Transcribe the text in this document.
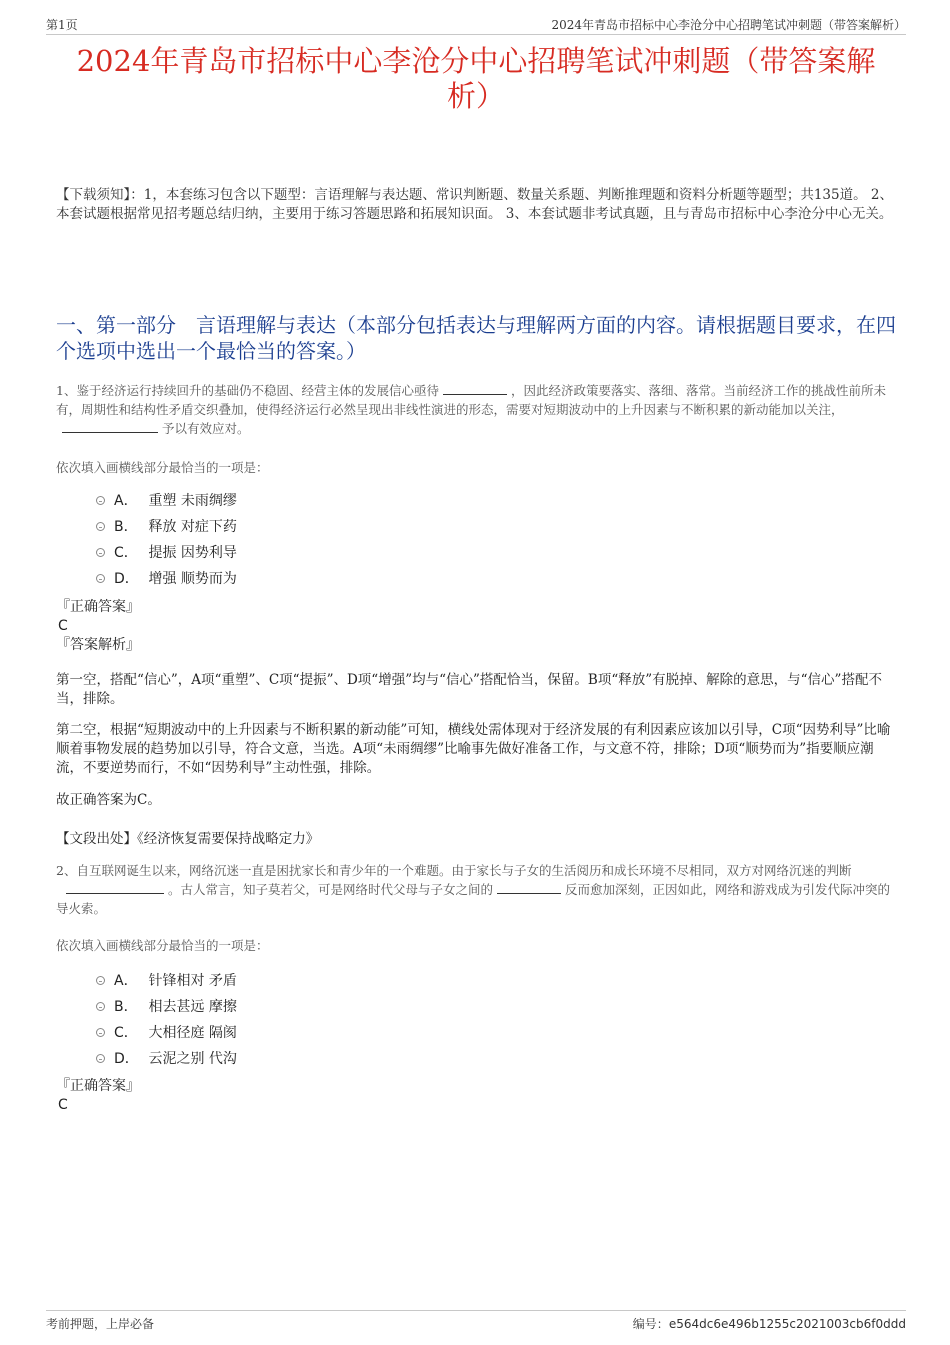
第1页	2024年青岛市招标中心李沧分中心招聘笔试冲刺题（带答案解析）
2024年青岛市招标中心李沧分中心招聘笔试冲刺题（带答案解析）
【下载须知】：1，本套练习包含以下题型：言语理解与表达题、常识判断题、数量关系题、判断推理题和资料分析题等题型；共135道。 2、本套试题根据常见招考题总结归纳，主要用于练习答题思路和拓展知识面。 3、本套试题非考试真题，且与青岛市招标中心李沧分中心无关。
一、第一部分　言语理解与表达（本部分包括表达与理解两方面的内容。请根据题目要求，在四个选项中选出一个最恰当的答案。）
1、鉴于经济运行持续回升的基础仍不稳固、经营主体的发展信心亟待	，因此经济政策要落实、落细、落常。当前经济工作的挑战性前所未有，周期性和结构性矛盾交织叠加，使得经济运行必然呈现出非线性演进的形态，需要对短期波动中的上升因素与不断积累的新动能加以关注，  予以有效应对。
依次填入画横线部分最恰当的一项是：
A． 重塑 未雨绸缪
B． 释放 对症下药
C． 提振 因势利导
D． 增强 顺势而为
『正确答案』
C
『答案解析』

第一空，搭配“信心”，A项“重塑”、C项“提振”、D项“增强”均与“信心”搭配恰当，保留。B项“释放”有脱掉、解除的意思，与“信心”搭配不当，排除。

第二空，根据“短期波动中的上升因素与不断积累的新动能”可知，横线处需体现对于经济发展的有利因素应该加以引导，C项“因势利导”比喻顺着事物发展的趋势加以引导，符合文意，当选。A项“未雨绸缪”比喻事先做好准备工作，与文意不符，排除；D项“顺势而为”指要顺应潮流，不要逆势而行，不如“因势利导”主动性强，排除。

故正确答案为C。

【文段出处】《经济恢复需要保持战略定力》
2、自互联网诞生以来，网络沉迷一直是困扰家长和青少年的一个难题。由于家长与子女的生活阅历和成长环境不尽相同，双方对网络沉迷的判断  。古人常言，知子莫若父，可是网络时代父母与子女之间的	反而愈加深刻，正因如此，网络和游戏成为引发代际冲突的导火索。
依次填入画横线部分最恰当的一项是：
A． 针锋相对 矛盾
B． 相去甚远 摩擦
C． 大相径庭 隔阂
D． 云泥之别 代沟
『正确答案』
C
考前押题，上岸必备	编号：e564dc6e496b1255c2021003cb6f0ddd
